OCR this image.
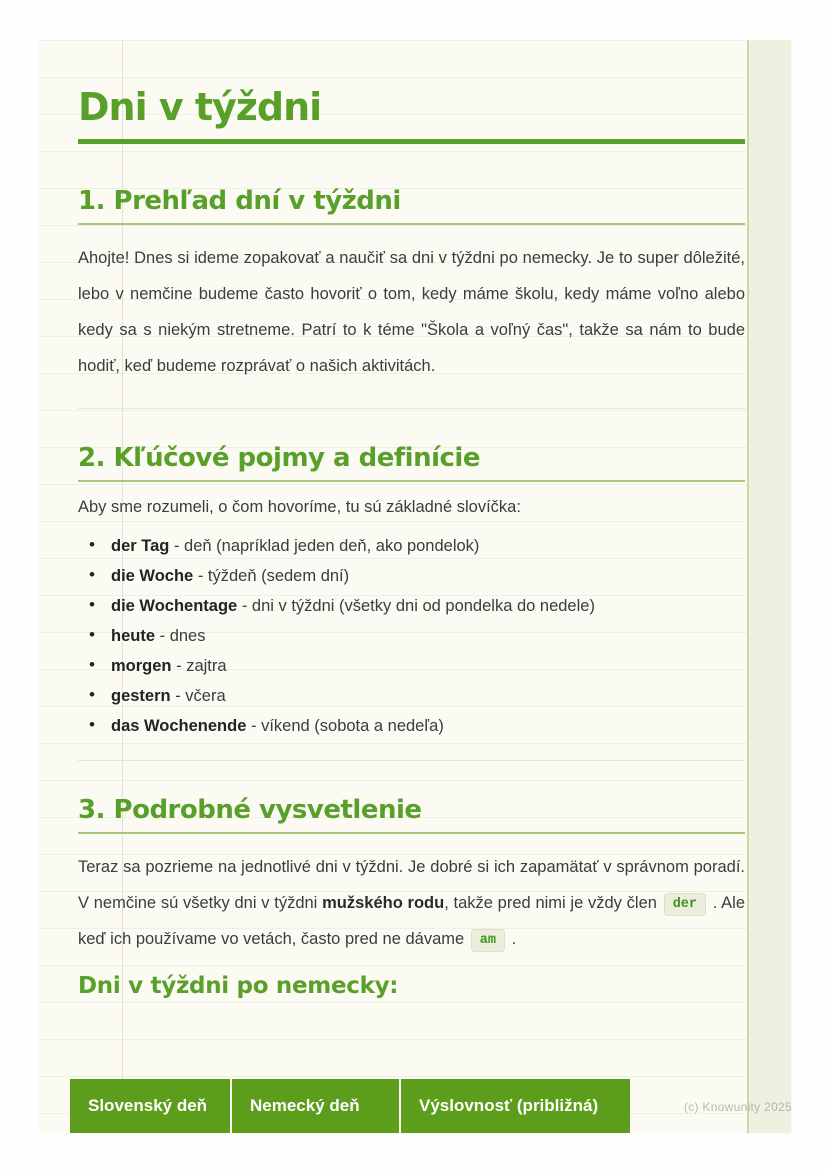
Dni v týždni
1. Prehľad dní v týždni

Ahojte! Dnes si ideme zopakovať a naučiť sa dni v týždni po nemecky. Je to super dôležité, lebo v nemčine budeme často hovoriť o tom, kedy máme školu, kedy máme voľno alebo kedy sa s niekým stretneme. Patrí to k téme "Škola a voľný čas", takže sa nám to bude hodiť, keď budeme rozprávať o našich aktivitách.

2. Kľúčové pojmy a definície

Aby sme rozumeli, o čom hovoríme, tu sú základné slovíčka:

• der Tag - deň (napríklad jeden deň, ako pondelok)
• die Woche - týždeň (sedem dní)
• die Wochentage - dni v týždni (všetky dni od pondelka do nedele)
• heute - dnes
• morgen - zajtra
• gestern - včera
• das Wochenende - víkend (sobota a nedeľa)
3. Podrobné vysvetlenie

Teraz sa pozrieme na jednotlivé dni v týždni. Je dobré si ich zapamätať v správnom poradí. V nemčine sú všetky dni v týždni mužského rodu, takže pred nimi je vždy člen der . Ale keď ich používame vo vetách, často pred ne dávame am .

Dni v týždni po nemecky:
Slovenský deň	Nemecký deň	Výslovnosť (približná)	(c) Knowunity 2025
